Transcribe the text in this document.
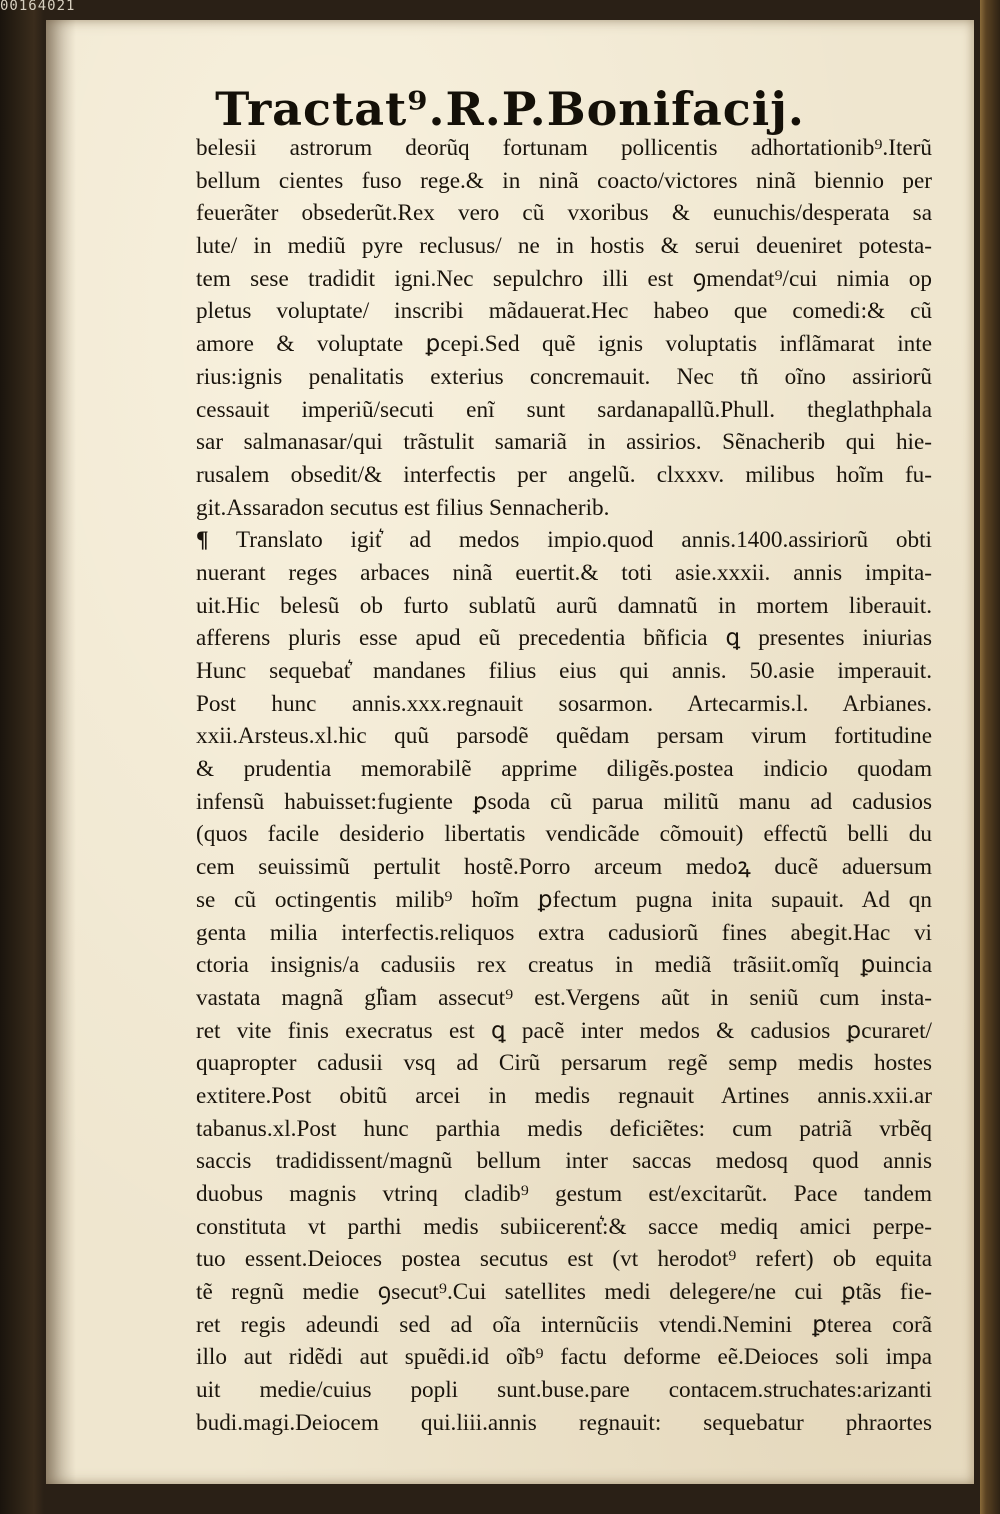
00164021
Tractat⁹.R.P.Bonifacij.
belesii astrorum deorũq fortunam pollicentis adhortationib⁹.Iterũ
bellum cientes fuso rege.& in ninã coacto/victores ninã biennio per
feuerãter obsederũt.Rex vero cũ vxoribus & eunuchis/desperata sa
lute/ in mediũ pyre reclusus/ ne in hostis & serui deueniret potesta-
tem sese tradidit igni.Nec sepulchro illi est ꝯmendat⁹/cui nimia op
pletus voluptate/ inscribi mãdauerat.Hec habeo que comedi:& cũ
amore & voluptate ꝑcepi.Sed quẽ ignis voluptatis inflãmarat inte
rius:ignis penalitatis exterius concremauit. Nec tñ oĩno assiriorũ
cessauit imperiũ/secuti enĩ sunt sardanapallũ.Phull. theglathphala
sar salmanasar/qui trãstulit samariã in assirios. Sẽnacherib qui hie-
rusalem obsedit/& interfectis per angelũ. clxxxv. milibus hoĩm fu-
git.Assaradon secutus est filius Sennacherib.
¶ Translato igit͛ ad medos impio.quod annis.1400.assiriorũ obti
nuerant reges arbaces ninã euertit.& toti asie.xxxii. annis impita-
uit.Hic belesũ ob furto sublatũ aurũ damnatũ in mortem liberauit.
afferens pluris esse apud eũ precedentia bñficia ꝗ presentes iniurias
Hunc sequebat͛ mandanes filius eius qui annis. 50.asie imperauit.
Post hunc annis.xxx.regnauit sosarmon. Artecarmis.l. Arbianes.
xxii.Arsteus.xl.hic quũ parsodẽ quẽdam persam virum fortitudine
& prudentia memorabilẽ apprime diligẽs.postea indicio quodam
infensũ habuisset:fugiente ꝑsoda cũ parua militũ manu ad cadusios
(quos facile desiderio libertatis vendicãde cõmouit) effectũ belli du
cem seuissimũ pertulit hostẽ.Porro arceum medoꝝ ducẽ aduersum
se cũ octingentis milib⁹ hoĩm ꝑfectum pugna inita supauit. Ad qn
genta milia interfectis.reliquos extra cadusiorũ fines abegit.Hac vi
ctoria insignis/a cadusiis rex creatus in mediã trãsiit.omĩq ꝑuincia
vastata magnã gl͛iam assecut⁹ est.Vergens aũt in seniũ cum insta-
ret vite finis execratus est ꝗ pacẽ inter medos & cadusios ꝑcuraret/
quapropter cadusii vsq ad Cirũ persarum regẽ semp medis hostes
extitere.Post obitũ arcei in medis regnauit Artines annis.xxii.ar
tabanus.xl.Post hunc parthia medis deficiẽtes: cum patriã vrbẽq
saccis tradidissent/magnũ bellum inter saccas medosq quod annis
duobus magnis vtrinq cladib⁹ gestum est/excitarũt. Pace tandem
constituta vt parthi medis subiicerent͛:& sacce mediq amici perpe-
tuo essent.Deioces postea secutus est (vt herodot⁹ refert) ob equita
tẽ regnũ medie ꝯsecut⁹.Cui satellites medi delegere/ne cui ꝑtãs fie-
ret regis adeundi sed ad oĩa internũciis vtendi.Nemini ꝑterea corã
illo aut ridẽdi aut spuẽdi.id oĩb⁹ factu deforme eẽ.Deioces soli impa
uit medie/cuius popli sunt.buse.pare contacem.struchates:arizanti
budi.magi.Deiocem qui.liii.annis regnauit: sequebatur phraortes
